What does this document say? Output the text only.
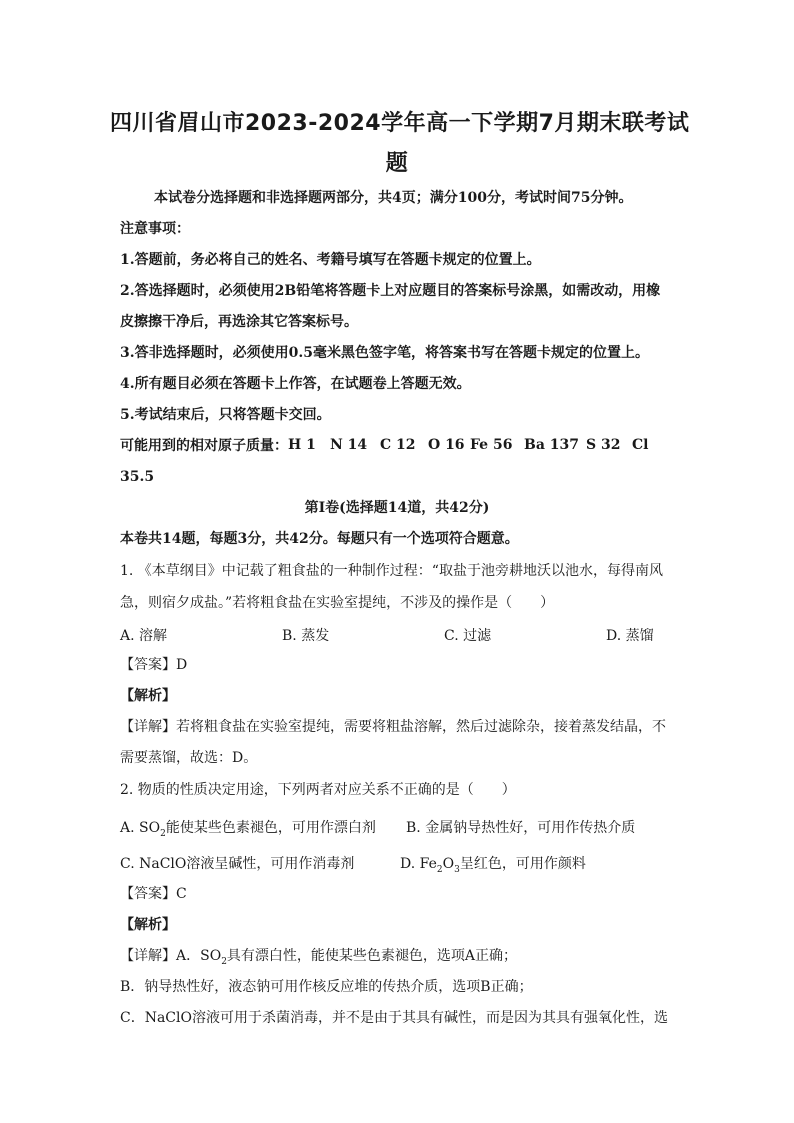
四川省眉山市2023-2024学年高一下学期7月期末联考试
题
本试卷分选择题和非选择题两部分，共4页；满分100分，考试时间75分钟。
注意事项：
1.答题前，务必将自己的姓名、考籍号填写在答题卡规定的位置上。
2.答选择题时，必须使用2B铅笔将答题卡上对应题目的答案标号涂黑，如需改动，用橡
皮擦擦干净后，再选涂其它答案标号。
3.答非选择题时，必须使用0.5毫米黑色签字笔，将答案书写在答题卡规定的位置上。
4.所有题目必须在答题卡上作答，在试题卷上答题无效。
5.考试结束后，只将答题卡交回。
可能用到的相对原子质量： H 1 N 14 C 12 O 16 Fe 56 Ba 137 S 32 Cl
35.5
第Ⅰ卷(选择题14道，共42分)
本卷共14题，每题3分，共42分。每题只有一个选项符合题意。
1. 《本草纲目》中记载了粗食盐的一种制作过程：“取盐于池旁耕地沃以池水，每得南风
急，则宿夕成盐。”若将粗食盐在实验室提纯，不涉及的操作是（　　）
A. 溶解	B. 蒸发	C. 过滤	D. 蒸馏
【答案】D
【解析】
【详解】若将粗食盐在实验室提纯，需要将粗盐溶解，然后过滤除杂，接着蒸发结晶，不
需要蒸馏，故选：D。
2. 物质的性质决定用途，下列两者对应关系不正确的是（　　）
A. $SO_2$能使某些色素褪色，可用作漂白剂 B. 金属钠导热性好，可用作传热介质
C. NaClO溶液呈碱性，可用作消毒剂	D. $Fe_2O_3$呈红色，可用作颜料
【答案】C
【解析】
【详解】A．$SO_2$具有漂白性，能使某些色素褪色，选项A正确；
B．钠导热性好，液态钠可用作核反应堆的传热介质，选项B正确；
C．NaClO溶液可用于杀菌消毒，并不是由于其具有碱性，而是因为其具有强氧化性，选
